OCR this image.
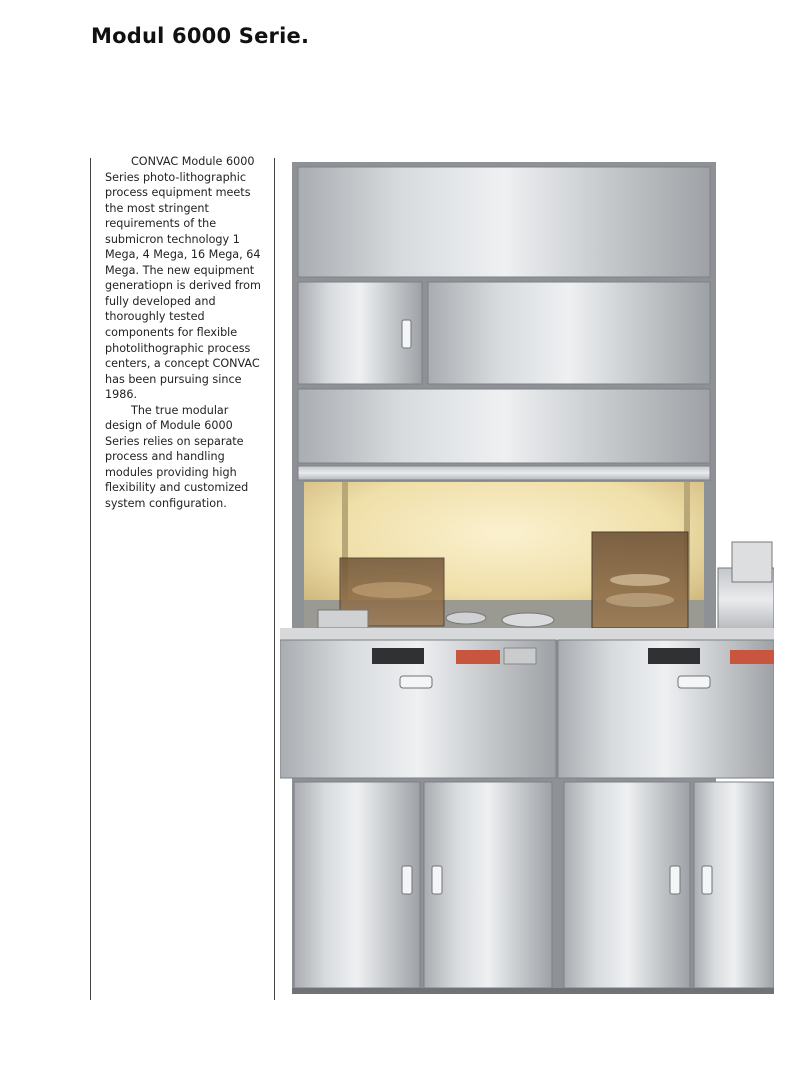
Modul 6000 Serie.

CONVAC Module 6000 Series photo-lithographic process equipment meets the most stringent requirements of the submicron technology 1 Mega, 4 Mega, 16 Mega, 64 Mega. The new equipment generatiopn is derived from fully developed and thoroughly tested components for flexible photolithographic process centers, a concept CONVAC has been pursuing since 1986.

The true modular design of Module 6000 Series relies on separate process and handling modules providing high flexibility and customized system configuration.
